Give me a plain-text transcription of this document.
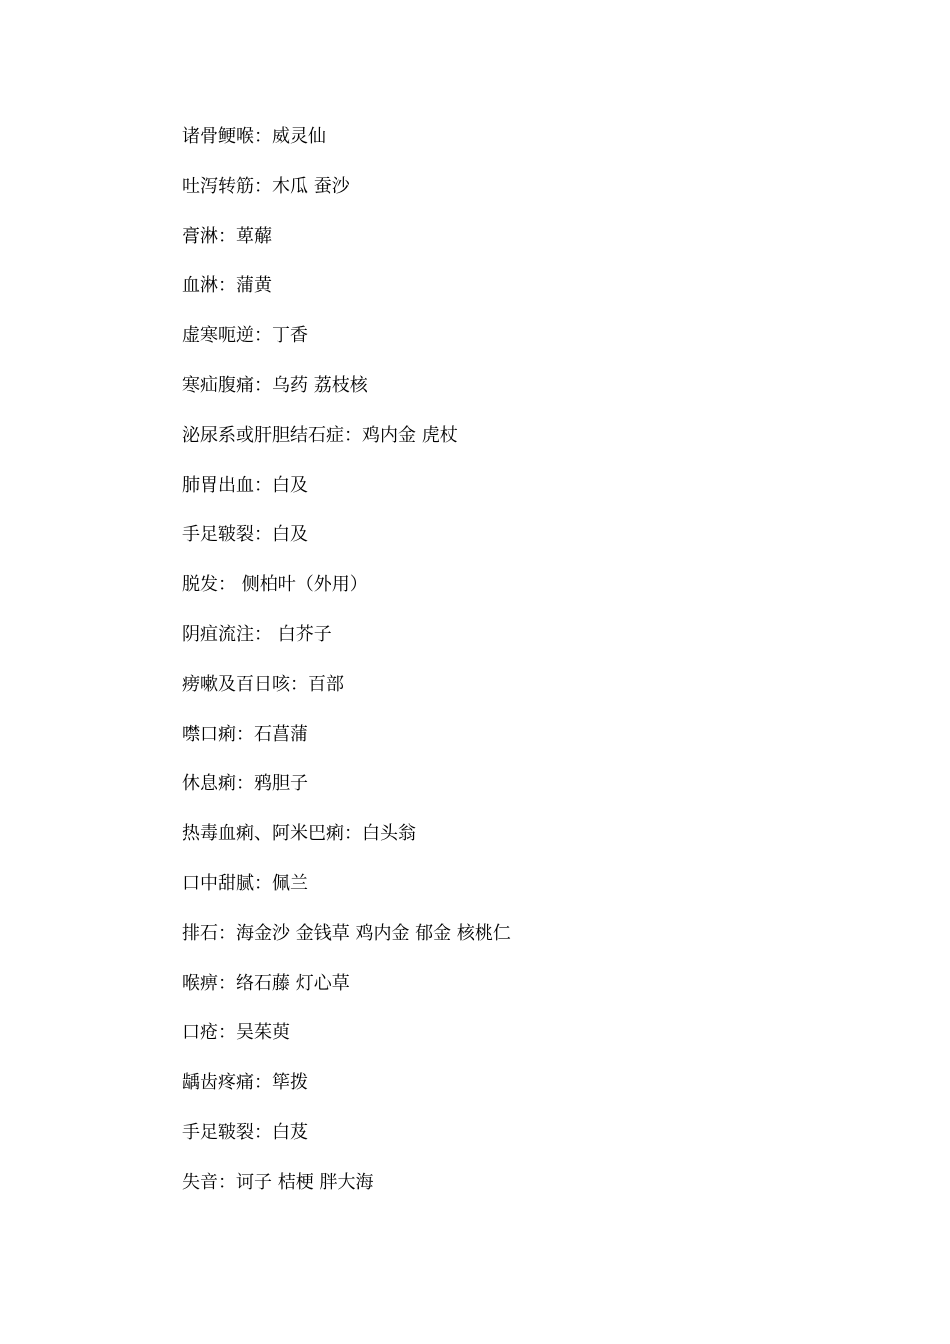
诸骨鲠喉：威灵仙
吐泻转筋：木瓜 蚕沙
膏淋：萆薢
血淋：蒲黄
虚寒呃逆：丁香
寒疝腹痛：乌药 荔枝核
泌尿系或肝胆结石症：鸡内金 虎杖
肺胃出血：白及
手足皲裂：白及
脱发： 侧柏叶（外用）
阴疽流注： 白芥子
痨嗽及百日咳：百部
噤口痢：石菖蒲
休息痢：鸦胆子
热毒血痢、阿米巴痢：白头翁
口中甜腻：佩兰
排石：海金沙 金钱草 鸡内金 郁金 核桃仁
喉痹：络石藤 灯心草
口疮：吴茱萸
龋齿疼痛：筚拨
手足皲裂：白芨
失音：诃子 桔梗 胖大海
